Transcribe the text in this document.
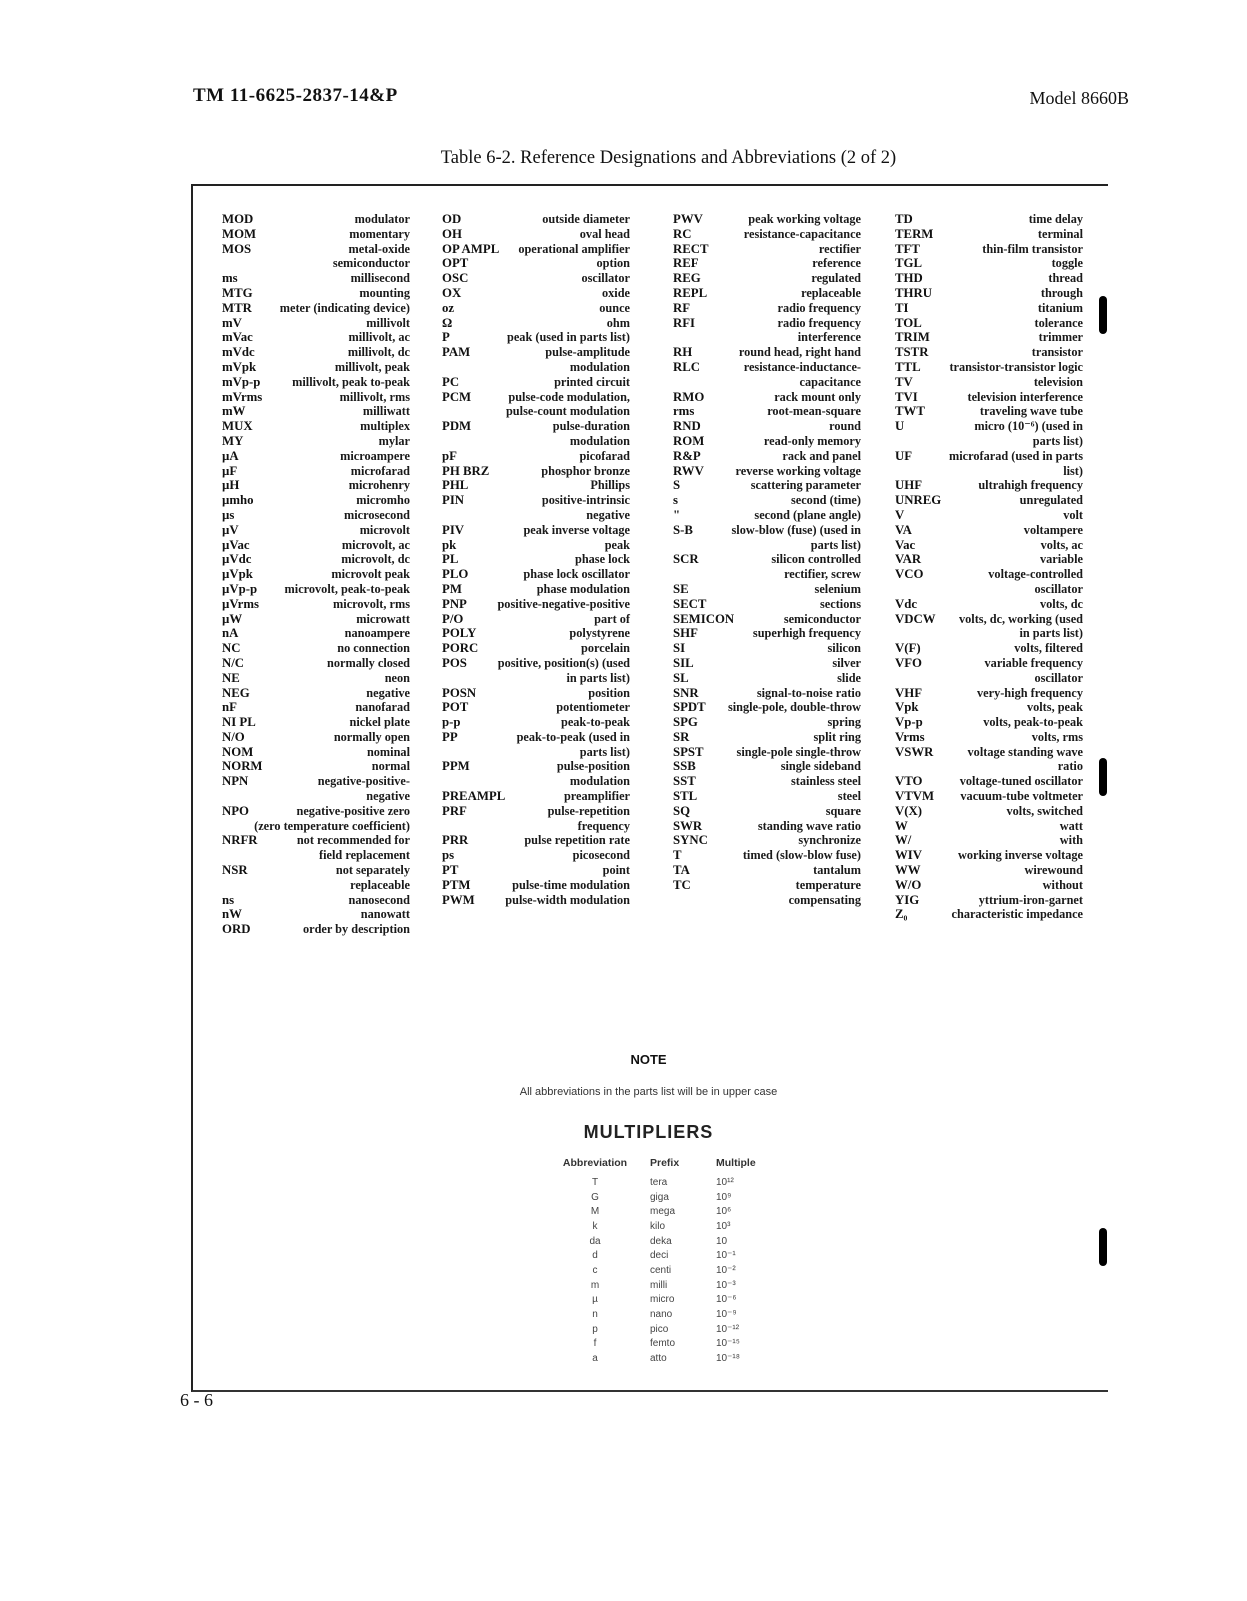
TM 11-6625-2837-14&P	Model 8660B
Table 6-2. Reference Designations and Abbreviations (2 of 2)
MOD	modulator
MOM	momentary
MOS	metal-oxide semiconductor
ms	millisecond
MTG	mounting
MTR	meter (indicating device)
mV	millivolt
mVac	millivolt, ac
mVdc	millivolt, dc
mVpk	millivolt, peak
mVp-p	millivolt, peak to-peak
mVrms	millivolt, rms
mW	milliwatt
MUX	multiplex
MY	mylar
µA	microampere
µF	microfarad
µH	microhenry
µmho	micromho
µs	microsecond
µV	microvolt
µVac	microvolt, ac
µVdc	microvolt, dc
µVpk	microvolt peak
µVp-p	microvolt, peak-to-peak
µVrms	microvolt, rms
µW	microwatt
nA	nanoampere
NC	no connection
N/C	normally closed
NE	neon
NEG	negative
nF	nanofarad
NI PL	nickel plate
N/O	normally open
NOM	nominal
NORM	normal
NPN	negative-positive-negative
NPO	negative-positive zero (zero temperature coefficient)
NRFR	not recommended for field replacement
NSR	not separately replaceable
ns	nanosecond
nW	nanowatt
ORD	order by description
OD	outside diameter
OH	oval head
OP AMPL	operational amplifier
OPT	option
OSC	oscillator
OX	oxide
oz	ounce
Ω	ohm
P	peak (used in parts list)
PAM	pulse-amplitude modulation
PC	printed circuit
PCM	pulse-code modulation, pulse-count modulation
PDM	pulse-duration modulation
pF	picofarad
PH BRZ	phosphor bronze
PHL	Phillips
PIN	positive-intrinsic negative
PIV	peak inverse voltage
pk	peak
PL	phase lock
PLO	phase lock oscillator
PM	phase modulation
PNP	positive-negative-positive
P/O	part of
POLY	polystyrene
PORC	porcelain
POS	positive, position(s) (used in parts list)
POSN	position
POT	potentiometer
p-p	peak-to-peak
PP	peak-to-peak (used in parts list)
PPM	pulse-position modulation
PREAMPL	preamplifier
PRF	pulse-repetition frequency
PRR	pulse repetition rate
ps	picosecond
PT	point
PTM	pulse-time modulation
PWM	pulse-width modulation
PWV	peak working voltage
RC	resistance-capacitance
RECT	rectifier
REF	reference
REG	regulated
REPL	replaceable
RF	radio frequency
RFI	radio frequency interference
RH	round head, right hand
RLC	resistance-inductance-capacitance
RMO	rack mount only
rms	root-mean-square
RND	round
ROM	read-only memory
R&P	rack and panel
RWV	reverse working voltage
S	scattering parameter
s	second (time)
"	second (plane angle)
S-B	slow-blow (fuse) (used in parts list)
SCR	silicon controlled rectifier, screw
SE	selenium
SECT	sections
SEMICON	semiconductor
SHF	superhigh frequency
SI	silicon
SIL	silver
SL	slide
SNR	signal-to-noise ratio
SPDT	single-pole, double-throw
SPG	spring
SR	split ring
SPST	single-pole single-throw
SSB	single sideband
SST	stainless steel
STL	steel
SQ	square
SWR	standing wave ratio
SYNC	synchronize
T	timed (slow-blow fuse)
TA	tantalum
TC	temperature compensating
TD	time delay
TERM	terminal
TFT	thin-film transistor
TGL	toggle
THD	thread
THRU	through
TI	titanium
TOL	tolerance
TRIM	trimmer
TSTR	transistor
TTL	transistor-transistor logic
TV	television
TVI	television interference
TWT	traveling wave tube
U	micro (10⁻⁶) (used in parts list)
UF	microfarad (used in parts list)
UHF	ultrahigh frequency
UNREG	unregulated
V	volt
VA	voltampere
Vac	volts, ac
VAR	variable
VCO	voltage-controlled oscillator
Vdc	volts, dc
VDCW	volts, dc, working (used in parts list)
V(F)	volts, filtered
VFO	variable frequency oscillator
VHF	very-high frequency
Vpk	volts, peak
Vp-p	volts, peak-to-peak
Vrms	volts, rms
VSWR	voltage standing wave ratio
VTO	voltage-tuned oscillator
VTVM	vacuum-tube voltmeter
V(X)	volts, switched
W	watt
W/	with
WIV	working inverse voltage
WW	wirewound
W/O	without
YIG	yttrium-iron-garnet
Z₀	characteristic impedance
NOTE
All abbreviations in the parts list will be in upper case
MULTIPLIERS
Abbreviation	Prefix	Multiple
T	tera	10¹²
G	giga	10⁹
M	mega	10⁶
k	kilo	10³
da	deka	10
d	deci	10⁻¹
c	centi	10⁻²
m	milli	10⁻³
µ	micro	10⁻⁶
n	nano	10⁻⁹
p	pico	10⁻¹²
f	femto	10⁻¹⁵
a	atto	10⁻¹⁸
6 - 6
